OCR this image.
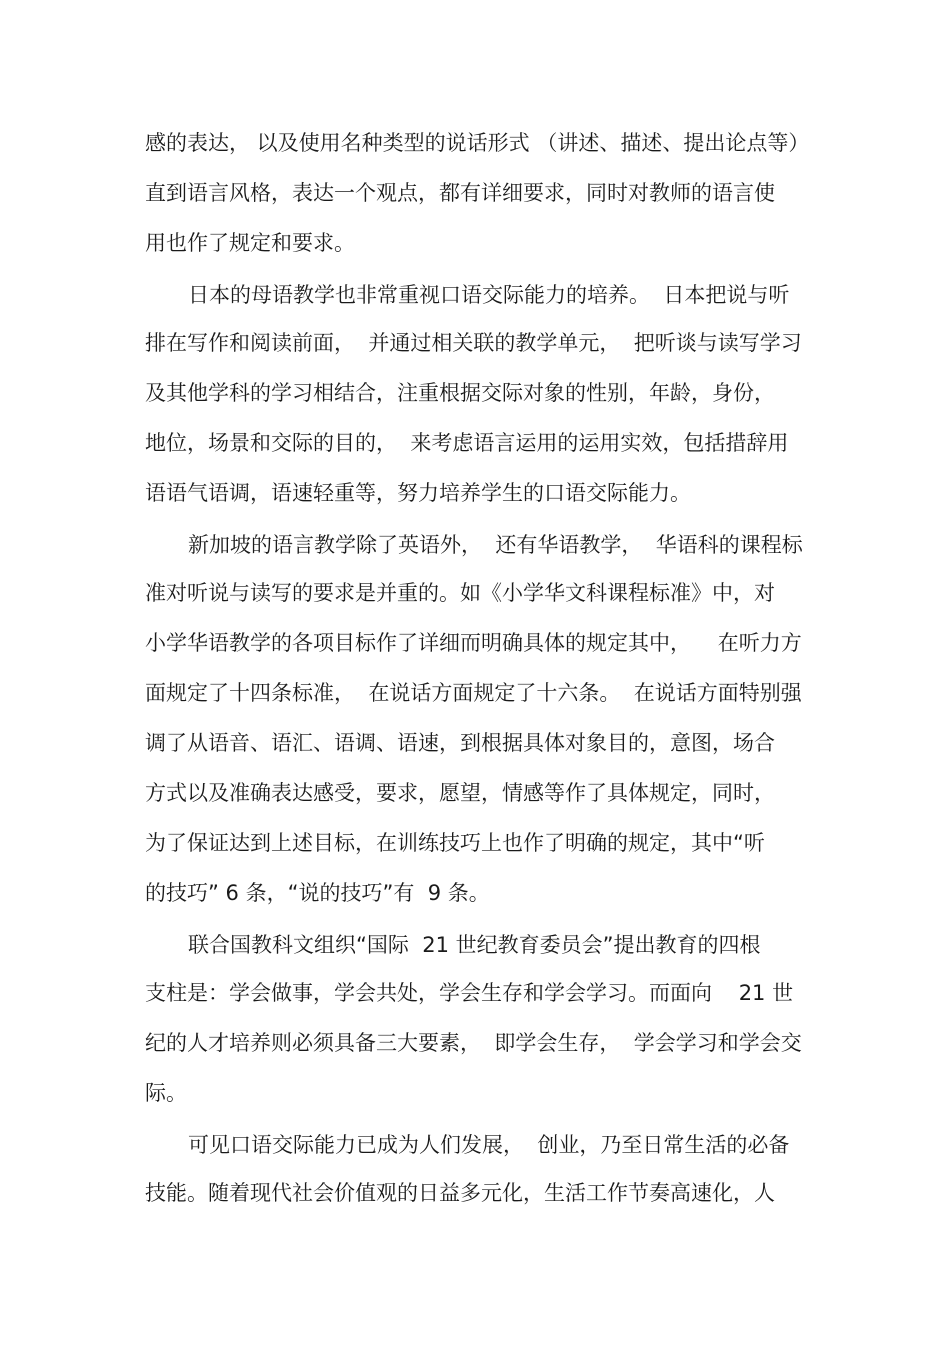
感的表达， 以及使用名种类型的说话形式 （讲述、描述、提出论点等）
直到语言风格，表达一个观点，都有详细要求，同时对教师的语言使
用也作了规定和要求。
日本的母语教学也非常重视口语交际能力的培养。  日本把说与听
排在写作和阅读前面，  并通过相关联的教学单元，  把听谈与读写学习
及其他学科的学习相结合，注重根据交际对象的性别，年龄，身份，
地位，场景和交际的目的，  来考虑语言运用的运用实效，包括措辞用
语语气语调，语速轻重等，努力培养学生的口语交际能力。
新加坡的语言教学除了英语外，  还有华语教学，  华语科的课程标
准对听说与读写的要求是并重的。如《小学华文科课程标准》中，对
小学华语教学的各项目标作了详细而明确具体的规定其中，    在听力方
面规定了十四条标准，  在说话方面规定了十六条。  在说话方面特别强
调了从语音、语汇、语调、语速，到根据具体对象目的，意图，场合
方式以及准确表达感受，要求，愿望，情感等作了具体规定，同时，
为了保证达到上述目标，在训练技巧上也作了明确的规定，其中“听
的技巧” 6 条，“说的技巧”有  9 条。
联合国教科文组织“国际  21 世纪教育委员会”提出教育的四根
支柱是：学会做事，学会共处，学会生存和学会学习。而面向    21 世
纪的人才培养则必须具备三大要素，  即学会生存，  学会学习和学会交
际。
可见口语交际能力已成为人们发展，  创业，乃至日常生活的必备
技能。随着现代社会价值观的日益多元化，生活工作节奏高速化，人
